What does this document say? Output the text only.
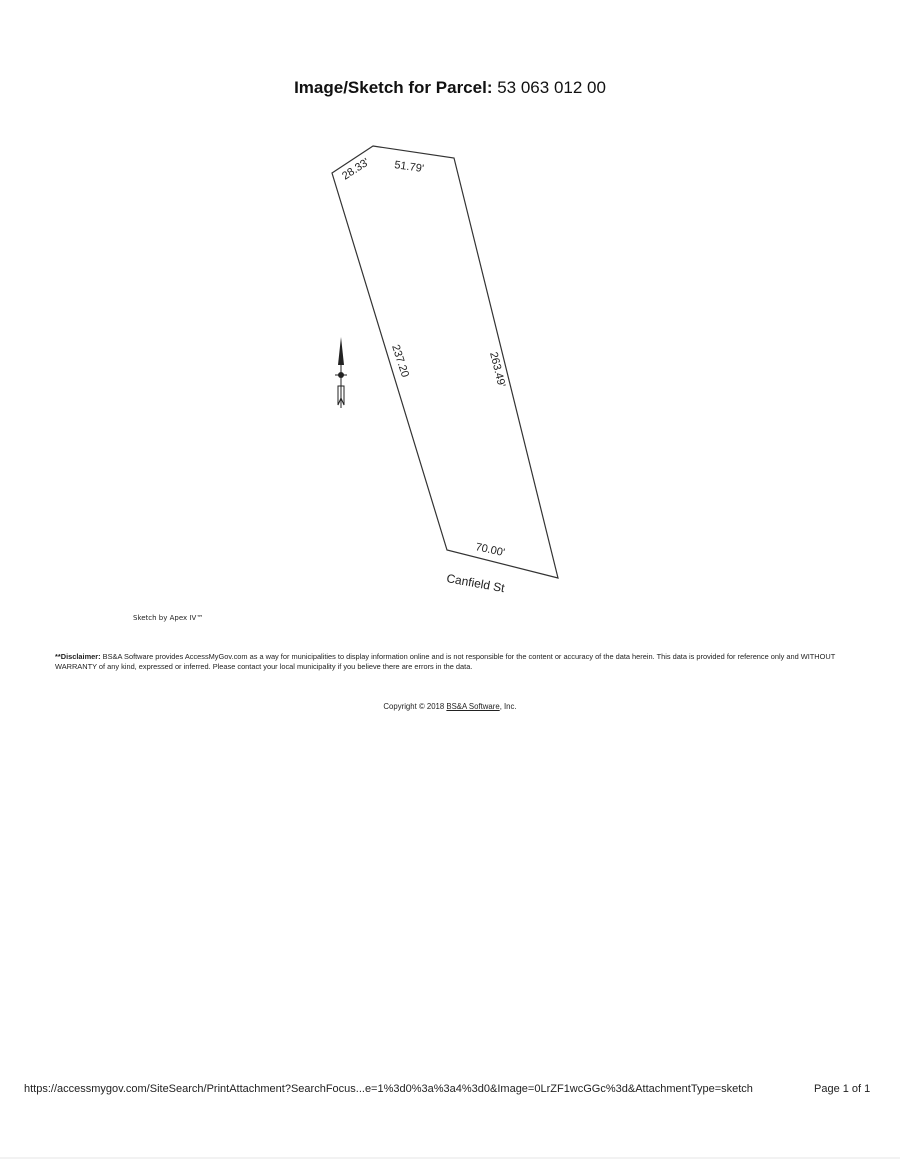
Image/Sketch for Parcel: 53 063 012 00
28.33' 51.79'
237.20	263.49'
70.00'
Canfield St
Sketch by Apex IV™
**Disclaimer: BS&A Software provides AccessMyGov.com as a way for municipalities to display information online and is not responsible for the content or accuracy of the data herein. This data is provided for reference only and WITHOUT WARRANTY of any kind, expressed or inferred. Please contact your local municipality if you believe there are errors in the data.
Copyright © 2018 BS&A Software, Inc.
https://accessmygov.com/SiteSearch/PrintAttachment?SearchFocus...e=1%3d0%3a%3a4%3d0&Image=0LrZF1wcGGc%3d&AttachmentType=sketch	Page 1 of 1
